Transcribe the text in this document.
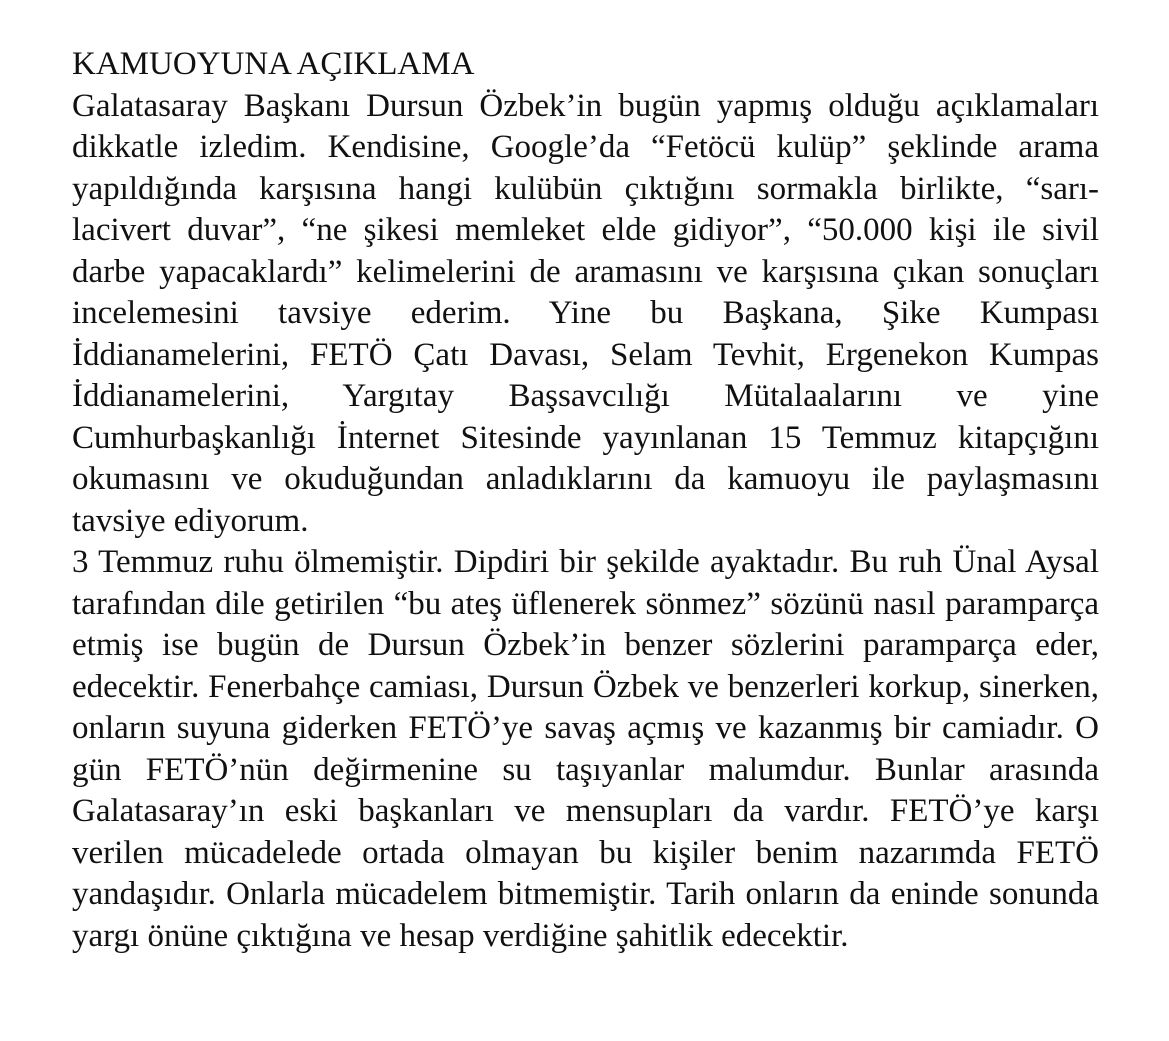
KAMUOYUNA AÇIKLAMA

Galatasaray Başkanı Dursun Özbek’in bugün yapmış olduğu açıklamaları dikkatle izledim. Kendisine, Google’da “Fetöcü kulüp” şeklinde arama yapıldığında karşısına hangi kulübün çıktığını sormakla birlikte, “sarı-lacivert duvar”, “ne şikesi memleket elde gidiyor”, “50.000 kişi ile sivil darbe yapacaklardı” kelimelerini de aramasını ve karşısına çıkan sonuçları incelemesini tavsiye ederim. Yine bu Başkana, Şike Kumpası İddianamelerini, FETÖ Çatı Davası, Selam Tevhit, Ergenekon Kumpas İddianamelerini, Yargıtay Başsavcılığı Mütalaalarını ve yine Cumhurbaşkanlığı İnternet Sitesinde yayınlanan 15 Temmuz kitapçığını okumasını ve okuduğundan anladıklarını da kamuoyu ile paylaşmasını tavsiye ediyorum.

3 Temmuz ruhu ölmemiştir. Dipdiri bir şekilde ayaktadır. Bu ruh Ünal Aysal tarafından dile getirilen “bu ateş üflenerek sönmez” sözünü nasıl paramparça etmiş ise bugün de Dursun Özbek’in benzer sözlerini paramparça eder, edecektir. Fenerbahçe camiası, Dursun Özbek ve benzerleri korkup, sinerken, onların suyuna giderken FETÖ’ye savaş açmış ve kazanmış bir camiadır. O gün FETÖ’nün değirmenine su taşıyanlar malumdur. Bunlar arasında Galatasaray’ın eski başkanları ve mensupları da vardır. FETÖ’ye karşı verilen mücadelede ortada olmayan bu kişiler benim nazarımda FETÖ yandaşıdır. Onlarla mücadelem bitmemiştir. Tarih onların da eninde sonunda yargı önüne çıktığına ve hesap verdiğine şahitlik edecektir.
